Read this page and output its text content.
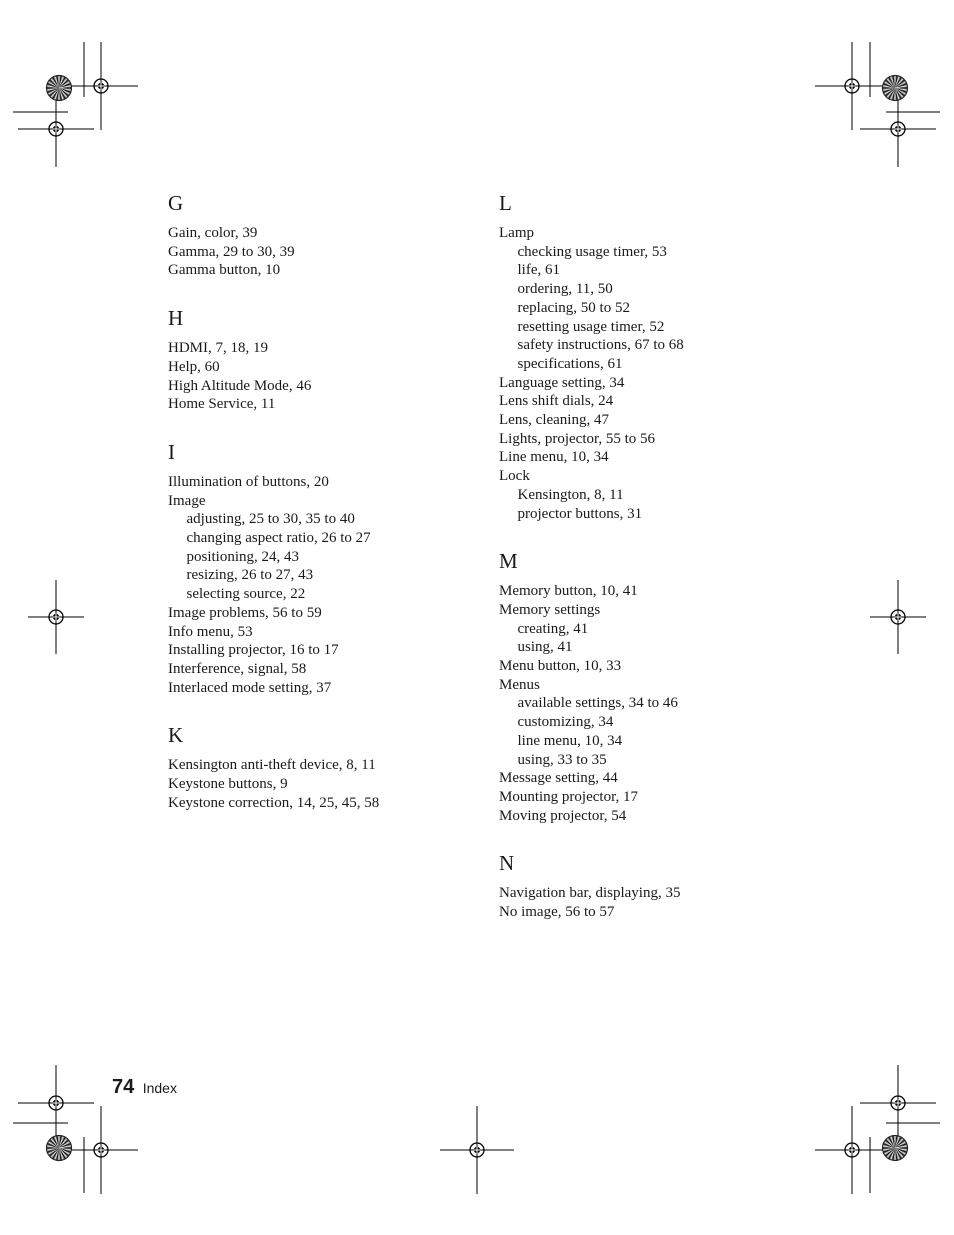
G
Gain, color, 39
Gamma, 29 to 30, 39
Gamma button, 10
H
HDMI, 7, 18, 19
Help, 60
High Altitude Mode, 46
Home Service, 11
I
Illumination of buttons, 20
Image
adjusting, 25 to 30, 35 to 40
changing aspect ratio, 26 to 27
positioning, 24, 43
resizing, 26 to 27, 43
selecting source, 22
Image problems, 56 to 59
Info menu, 53
Installing projector, 16 to 17
Interference, signal, 58
Interlaced mode setting, 37
K
Kensington anti-theft device, 8, 11
Keystone buttons, 9
Keystone correction, 14, 25, 45, 58
L
Lamp
checking usage timer, 53
life, 61
ordering, 11, 50
replacing, 50 to 52
resetting usage timer, 52
safety instructions, 67 to 68
specifications, 61
Language setting, 34
Lens shift dials, 24
Lens, cleaning, 47
Lights, projector, 55 to 56
Line menu, 10, 34
Lock
Kensington, 8, 11
projector buttons, 31
M
Memory button, 10, 41
Memory settings
creating, 41
using, 41
Menu button, 10, 33
Menus
available settings, 34 to 46
customizing, 34
line menu, 10, 34
using, 33 to 35
Message setting, 44
Mounting projector, 17
Moving projector, 54
N
Navigation bar, displaying, 35
No image, 56 to 57
74 Index
